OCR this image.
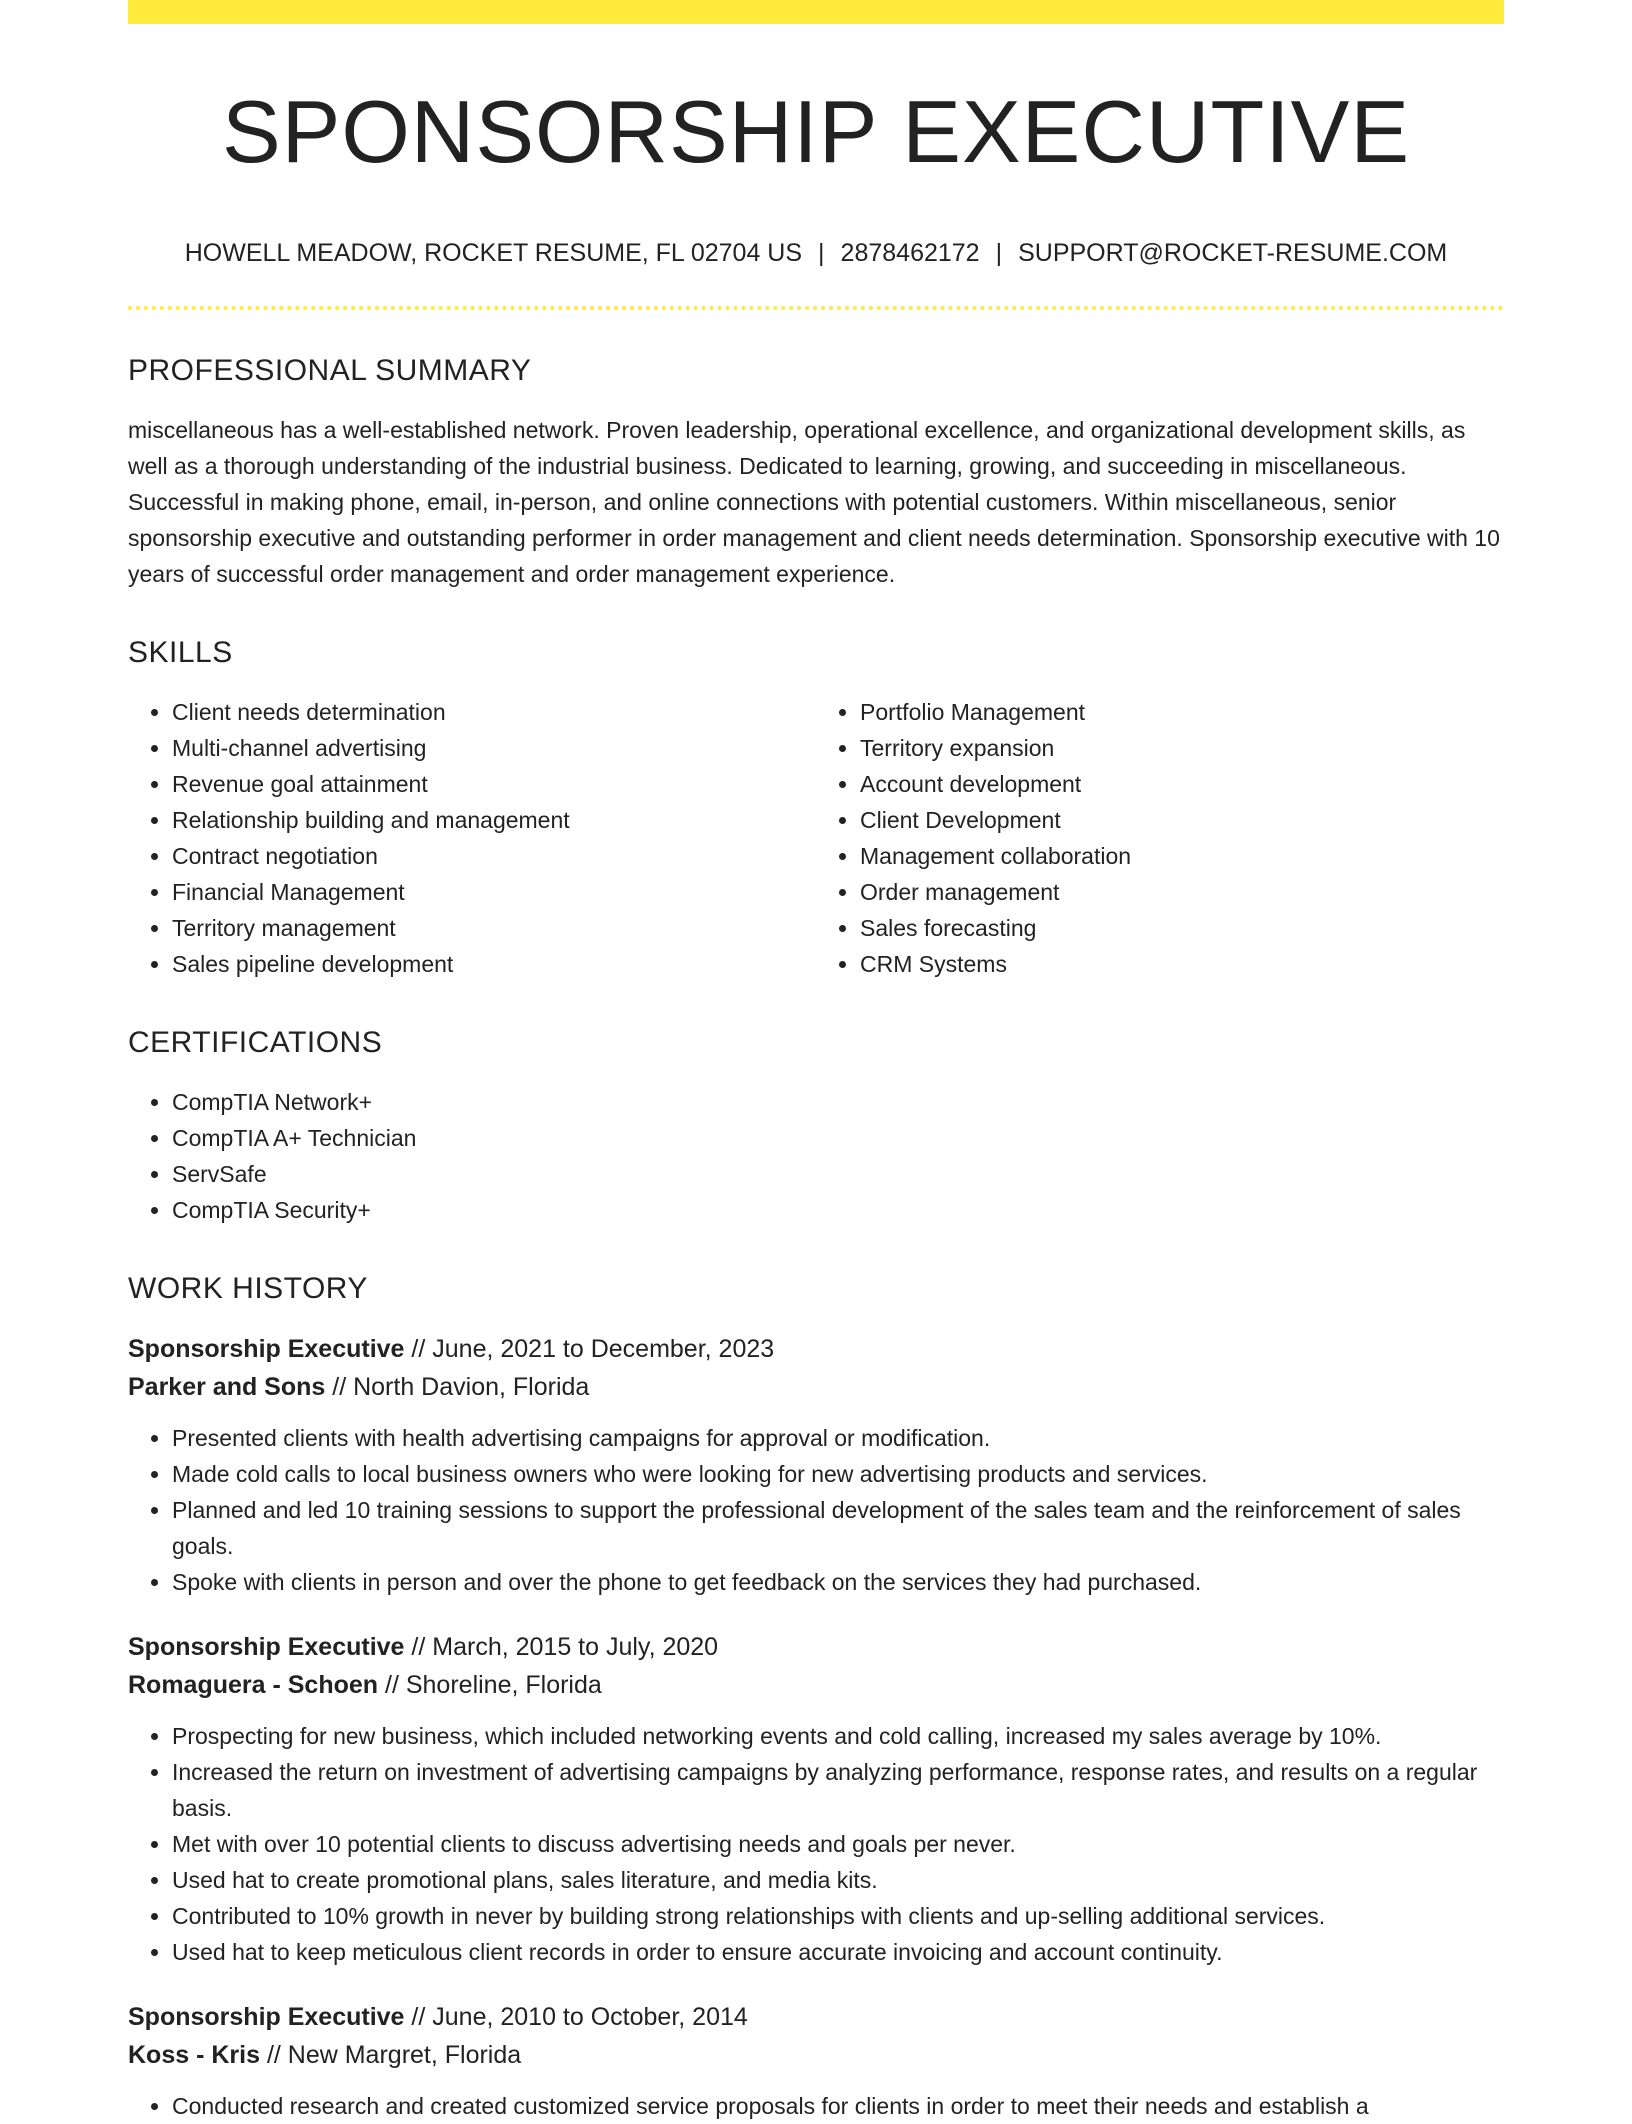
SPONSORSHIP EXECUTIVE
HOWELL MEADOW, ROCKET RESUME, FL 02704 US | 2878462172 | SUPPORT@ROCKET-RESUME.COM
PROFESSIONAL SUMMARY

miscellaneous has a well-established network. Proven leadership, operational excellence, and organizational development skills, as well as a thorough understanding of the industrial business. Dedicated to learning, growing, and succeeding in miscellaneous. Successful in making phone, email, in-person, and online connections with potential customers. Within miscellaneous, senior sponsorship executive and outstanding performer in order management and client needs determination. Sponsorship executive with 10 years of successful order management and order management experience.

SKILLS
• Client needs determination
• Multi-channel advertising
• Revenue goal attainment
• Relationship building and management
• Contract negotiation
• Financial Management
• Territory management
• Sales pipeline development
• Portfolio Management
• Territory expansion
• Account development
• Client Development
• Management collaboration
• Order management
• Sales forecasting
• CRM Systems
CERTIFICATIONS
• CompTIA Network+
• CompTIA A+ Technician
• ServSafe
• CompTIA Security+
WORK HISTORY
Sponsorship Executive // June, 2021 to December, 2023
Parker and Sons // North Davion, Florida
• Presented clients with health advertising campaigns for approval or modification.
• Made cold calls to local business owners who were looking for new advertising products and services.
• Planned and led 10 training sessions to support the professional development of the sales team and the reinforcement of sales goals.
• Spoke with clients in person and over the phone to get feedback on the services they had purchased.
Sponsorship Executive // March, 2015 to July, 2020
Romaguera - Schoen // Shoreline, Florida
• Prospecting for new business, which included networking events and cold calling, increased my sales average by 10%.
• Increased the return on investment of advertising campaigns by analyzing performance, response rates, and results on a regular basis.
• Met with over 10 potential clients to discuss advertising needs and goals per never.
• Used hat to create promotional plans, sales literature, and media kits.
• Contributed to 10% growth in never by building strong relationships with clients and up-selling additional services.
• Used hat to keep meticulous client records in order to ensure accurate invoicing and account continuity.
Sponsorship Executive // June, 2010 to October, 2014
Koss - Kris // New Margret, Florida
• Conducted research and created customized service proposals for clients in order to meet their needs and establish a
